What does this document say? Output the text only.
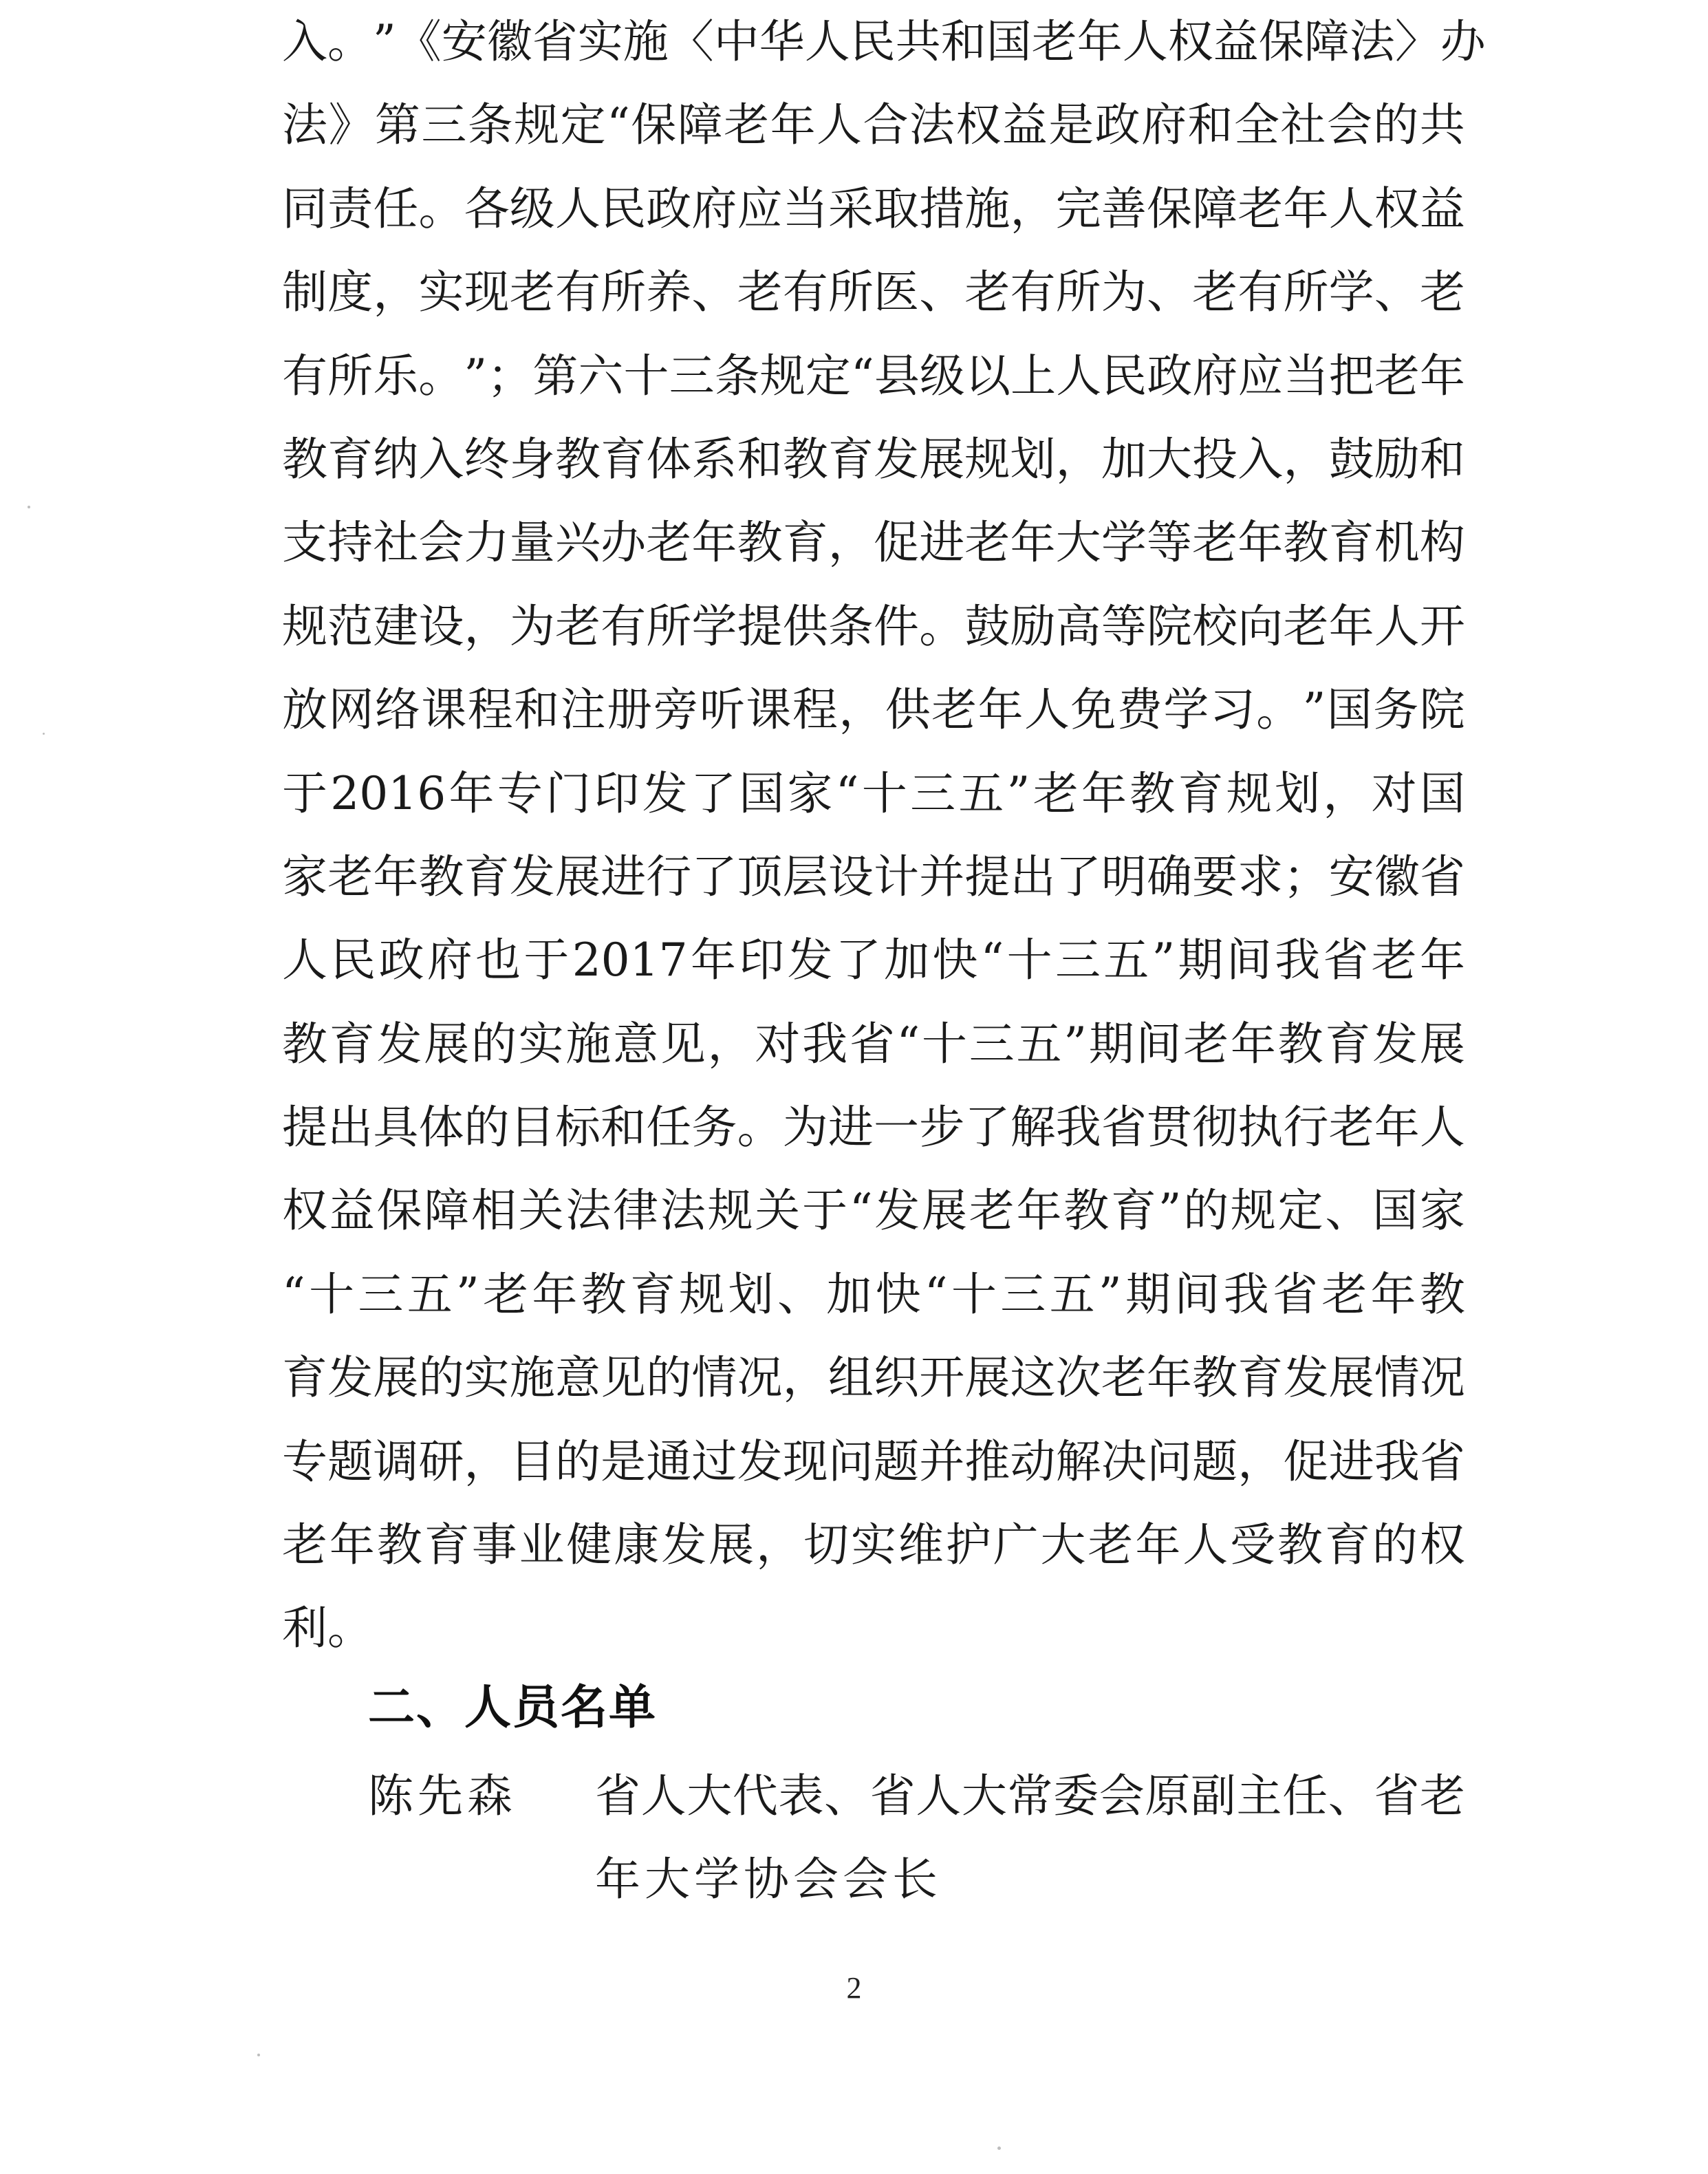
入 。 ” 《 安 徽 省 实 施 〈 中 华 人 民 共 和 国 老 年 人 权 益 保 障 法 〉 办
法 》 第 三 条 规 定 “ 保 障 老 年 人 合 法 权 益 是 政 府 和 全 社 会 的 共
同 责 任 。 各 级 人 民 政 府 应 当 采 取 措 施 ， 完 善 保 障 老 年 人 权 益
制 度 ， 实 现 老 有 所 养 、 老 有 所 医 、 老 有 所 为 、 老 有 所 学 、 老
有 所 乐 。 ” ； 第 六 十 三 条 规 定 “ 县 级 以 上 人 民 政 府 应 当 把 老 年
教 育 纳 入 终 身 教 育 体 系 和 教 育 发 展 规 划 ， 加 大 投 入 ， 鼓 励 和
支 持 社 会 力 量 兴 办 老 年 教 育 ， 促 进 老 年 大 学 等 老 年 教 育 机 构
规 范 建 设 ， 为 老 有 所 学 提 供 条 件 。 鼓 励 高 等 院 校 向 老 年 人 开
放 网 络 课 程 和 注 册 旁 听 课 程 ， 供 老 年 人 免 费 学 习 。 ” 国 务 院
于 2016 年 专 门 印 发 了 国 家 “ 十 三 五 ” 老 年 教 育 规 划 ， 对 国
家 老 年 教 育 发 展 进 行 了 顶 层 设 计 并 提 出 了 明 确 要 求 ； 安 徽 省
人 民 政 府 也 于 2017 年 印 发 了 加 快 “ 十 三 五 ” 期 间 我 省 老 年
教 育 发 展 的 实 施 意 见 ， 对 我 省 “ 十 三 五 ” 期 间 老 年 教 育 发 展
提 出 具 体 的 目 标 和 任 务 。 为 进 一 步 了 解 我 省 贯 彻 执 行 老 年 人
权 益 保 障 相 关 法 律 法 规 关 于 “ 发 展 老 年 教 育 ” 的 规 定 、 国 家
“ 十 三 五 ” 老 年 教 育 规 划 、 加 快 “ 十 三 五 ” 期 间 我 省 老 年 教
育 发 展 的 实 施 意 见 的 情 况 ， 组 织 开 展 这 次 老 年 教 育 发 展 情 况
专 题 调 研 ， 目 的 是 通 过 发 现 问 题 并 推 动 解 决 问 题 ， 促 进 我 省
老 年 教 育 事 业 健 康 发 展 ， 切 实 维 护 广 大 老 年 人 受 教 育 的 权
利。
二、人员名单
陈先森 省 人 大 代 表 、 省 人 大 常 委 会 原 副 主 任 、 省 老
年大学协会会长
2
